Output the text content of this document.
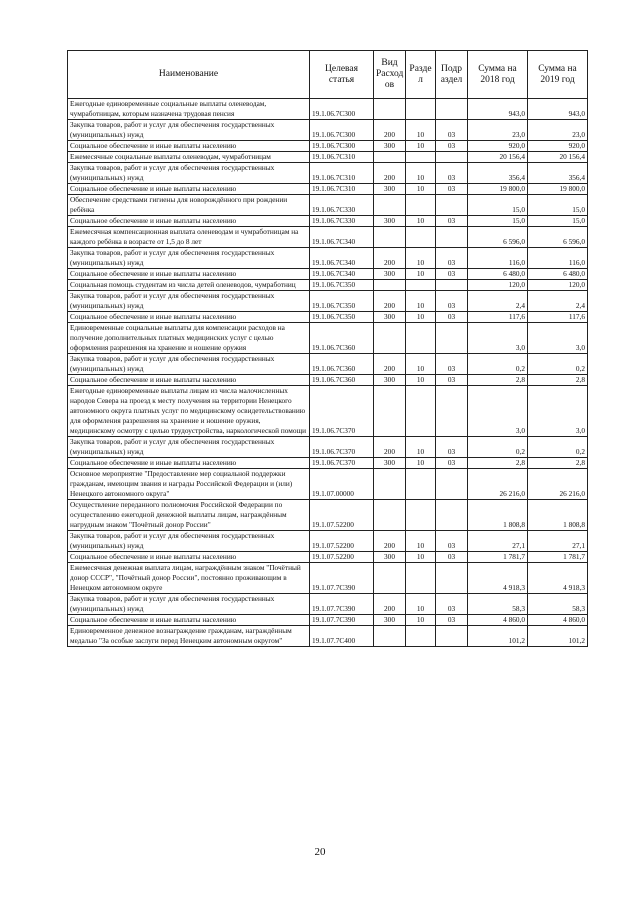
Наименование	Целевая статья	Вид Расход ов	Разде л	Подр аздел	Сумма на 2018 год	Сумма на 2019 год
Ежегодные единовременные социальные выплаты оленеводам, чумработницам, которым назначена трудовая пенсия	19.1.06.7С300				943,0	943,0
Закупка товаров, работ и услуг для обеспечения государственных (муниципальных) нужд	19.1.06.7С300	200	10	03	23,0	23,0
Социальное обеспечение и иные выплаты населению	19.1.06.7С300	300	10	03	920,0	920,0
Ежемесячные социальные выплаты оленеводам, чумработницам	19.1.06.7С310				20 156,4	20 156,4
Закупка товаров, работ и услуг для обеспечения государственных (муниципальных) нужд	19.1.06.7С310	200	10	03	356,4	356,4
Социальное обеспечение и иные выплаты населению	19.1.06.7С310	300	10	03	19 800,0	19 800,0
Обеспечение средствами гигиены для новорождённого при рождении ребёнка	19.1.06.7С330				15,0	15,0
Социальное обеспечение и иные выплаты населению	19.1.06.7С330	300	10	03	15,0	15,0
Ежемесячная компенсационная выплата оленеводам и чумработницам на каждого ребёнка в возрасте от 1,5 до 8 лет	19.1.06.7С340				6 596,0	6 596,0
Закупка товаров, работ и услуг для обеспечения государственных (муниципальных) нужд	19.1.06.7С340	200	10	03	116,0	116,0
Социальное обеспечение и иные выплаты населению	19.1.06.7С340	300	10	03	6 480,0	6 480,0
Социальная помощь студентам из числа детей оленеводов, чумработниц	19.1.06.7С350				120,0	120,0
Закупка товаров, работ и услуг для обеспечения государственных (муниципальных) нужд	19.1.06.7С350	200	10	03	2,4	2,4
Социальное обеспечение и иные выплаты населению	19.1.06.7С350	300	10	03	117,6	117,6
Единовременные социальные выплаты для компенсации расходов на получение дополнительных платных медицинских услуг с целью оформления разрешения на хранение и ношение оружия	19.1.06.7С360				3,0	3,0
Закупка товаров, работ и услуг для обеспечения государственных (муниципальных) нужд	19.1.06.7С360	200	10	03	0,2	0,2
Социальное обеспечение и иные выплаты населению	19.1.06.7С360	300	10	03	2,8	2,8
Ежегодные единовременные выплаты лицам из числа малочисленных народов Севера на проезд к месту получения на территории Ненецкого автономного округа платных услуг по медицинскому освидетельствованию для оформления разрешения на хранение и ношение оружия, медицинскому осмотру с целью трудоустройства, наркологической помощи	19.1.06.7С370				3,0	3,0
Закупка товаров, работ и услуг для обеспечения государственных (муниципальных) нужд	19.1.06.7С370	200	10	03	0,2	0,2
Социальное обеспечение и иные выплаты населению	19.1.06.7С370	300	10	03	2,8	2,8
Основное мероприятие "Предоставление мер социальной поддержки гражданам, имеющим звания и награды Российской Федерации и (или) Ненецкого автономного округа"	19.1.07.00000				26 216,0	26 216,0
Осуществление переданного полномочия Российской Федерации по осуществлению ежегодной денежной выплаты лицам, награждённым нагрудным знаком "Почётный донор России"	19.1.07.52200				1 808,8	1 808,8
Закупка товаров, работ и услуг для обеспечения государственных (муниципальных) нужд	19.1.07.52200	200	10	03	27,1	27,1
Социальное обеспечение и иные выплаты населению	19.1.07.52200	300	10	03	1 781,7	1 781,7
Ежемесячная денежная выплата лицам, награждённым знаком "Почётный донор СССР", "Почётный донор России", постоянно проживающим в Ненецком автономном округе	19.1.07.7С390				4 918,3	4 918,3
Закупка товаров, работ и услуг для обеспечения государственных (муниципальных) нужд	19.1.07.7С390	200	10	03	58,3	58,3
Социальное обеспечение и иные выплаты населению	19.1.07.7С390	300	10	03	4 860,0	4 860,0
Единовременное денежное вознаграждение гражданам, награждённым медалью "За особые заслуги перед Ненецким автономным округом"	19.1.07.7С400				101,2	101,2
20
